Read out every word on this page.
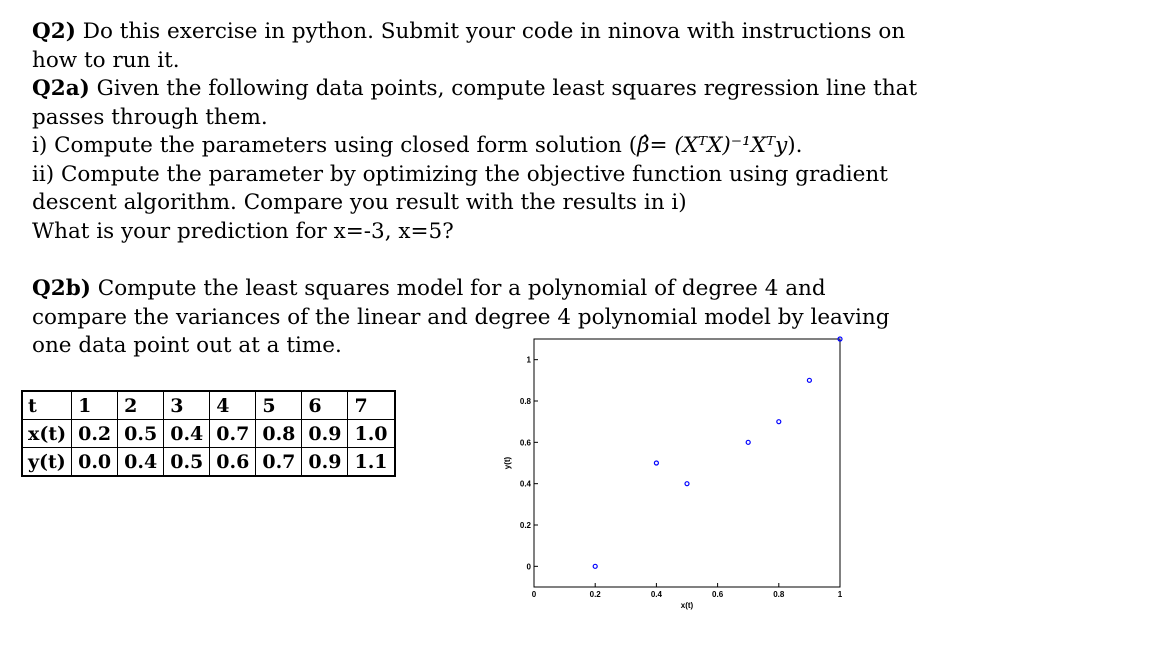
Q2) Do this exercise in python. Submit your code in ninova with instructions on
how to run it.
Q2a) Given the following data points, compute least squares regression line that
passes through them.
i) Compute the parameters using closed form solution (β̂= (XᵀX)⁻¹Xᵀy).
ii) Compute the parameter by optimizing the objective function using gradient
descent algorithm. Compare you result with the results in i)
What is your prediction for x=-3, x=5?
Q2b) Compute the least squares model for a polynomial of degree 4 and
compare the variances of the linear and degree 4 polynomial model by leaving
one data point out at a time.
t	1	2	3	4	5	6	7
x(t)	0.2	0.5	0.4	0.7	0.8	0.9	1.0
y(t)	0.0	0.4	0.5	0.6	0.7	0.9	1.1
0	0.2	0.4	0.6	0.8	1
0
0.2
0.4
0.6
0.8
1
x(t)
y(t)
